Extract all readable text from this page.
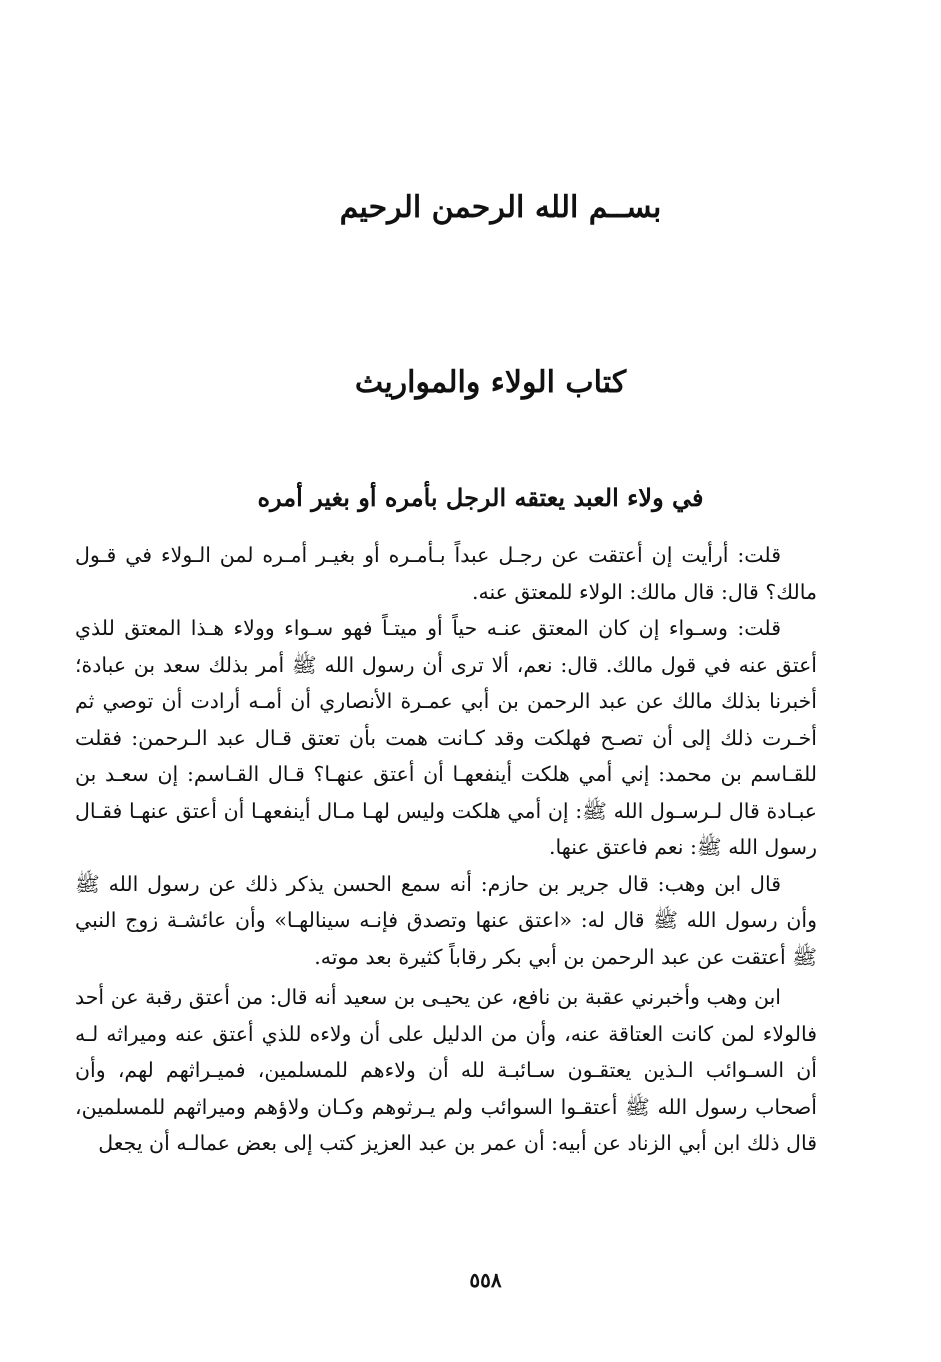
بســم الله الرحمن الرحيم
كتاب الولاء والمواريث
في ولاء العبد يعتقه الرجل بأمره أو بغير أمره

قلت: أرأيت إن أعتقت عن رجـل عبداً بـأمـره أو بغيـر أمـره لمن الـولاء في قـول مالك؟ قال: قال مالك: الولاء للمعتق عنه.

قلت: وسـواء إن كان المعتق عنـه حياً أو ميتـاً فهو سـواء وولاء هـذا المعتق للذي أعتق عنه في قول مالك. قال: نعم، ألا ترى أن رسول الله ﷺ أمر بذلك سعد بن عبادة؛ أخبرنا بذلك مالك عن عبد الرحمن بن أبي عمـرة الأنصاري أن أمـه أرادت أن توصي ثم أخـرت ذلك إلى أن تصـح فهلكت وقد كـانت همت بأن تعتق قـال عبد الـرحمن: فقلت للقـاسم بن محمد: إني أمي هلكت أينفعهـا أن أعتق عنهـا؟ قـال القـاسم: إن سعـد بن عبـادة قال لـرسـول الله ﷺ: إن أمي هلكت وليس لهـا مـال أينفعهـا أن أعتق عنهـا فقـال رسول الله ﷺ: نعم فاعتق عنها.

قال ابن وهب: قال جرير بن حازم: أنه سمع الحسن يذكر ذلك عن رسول الله ﷺ وأن رسول الله ﷺ قال له: «اعتق عنها وتصدق فإنـه سينالهـا» وأن عائشـة زوج النبي ﷺ أعتقت عن عبد الرحمن بن أبي بكر رقاباً كثيرة بعد موته.

ابن وهب وأخبرني عقبة بن نافع، عن يحيـى بن سعيد أنه قال: من أعتق رقبة عن أحد فالولاء لمن كانت العتاقة عنه، وأن من الدليل على أن ولاءه للذي أعتق عنه وميراثه لـه أن السـوائب الـذين يعتقـون سـائبـة لله أن ولاءهم للمسلمين، فميـراثهم لهم، وأن أصحاب رسول الله ﷺ أعتقـوا السوائب ولم يـرثوهم وكـان ولاؤهم وميراثهم للمسلمين، قال ذلك ابن أبي الزناد عن أبيه: أن عمر بن عبد العزيز كتب إلى بعض عمالـه أن يجعل

٥٥٨
